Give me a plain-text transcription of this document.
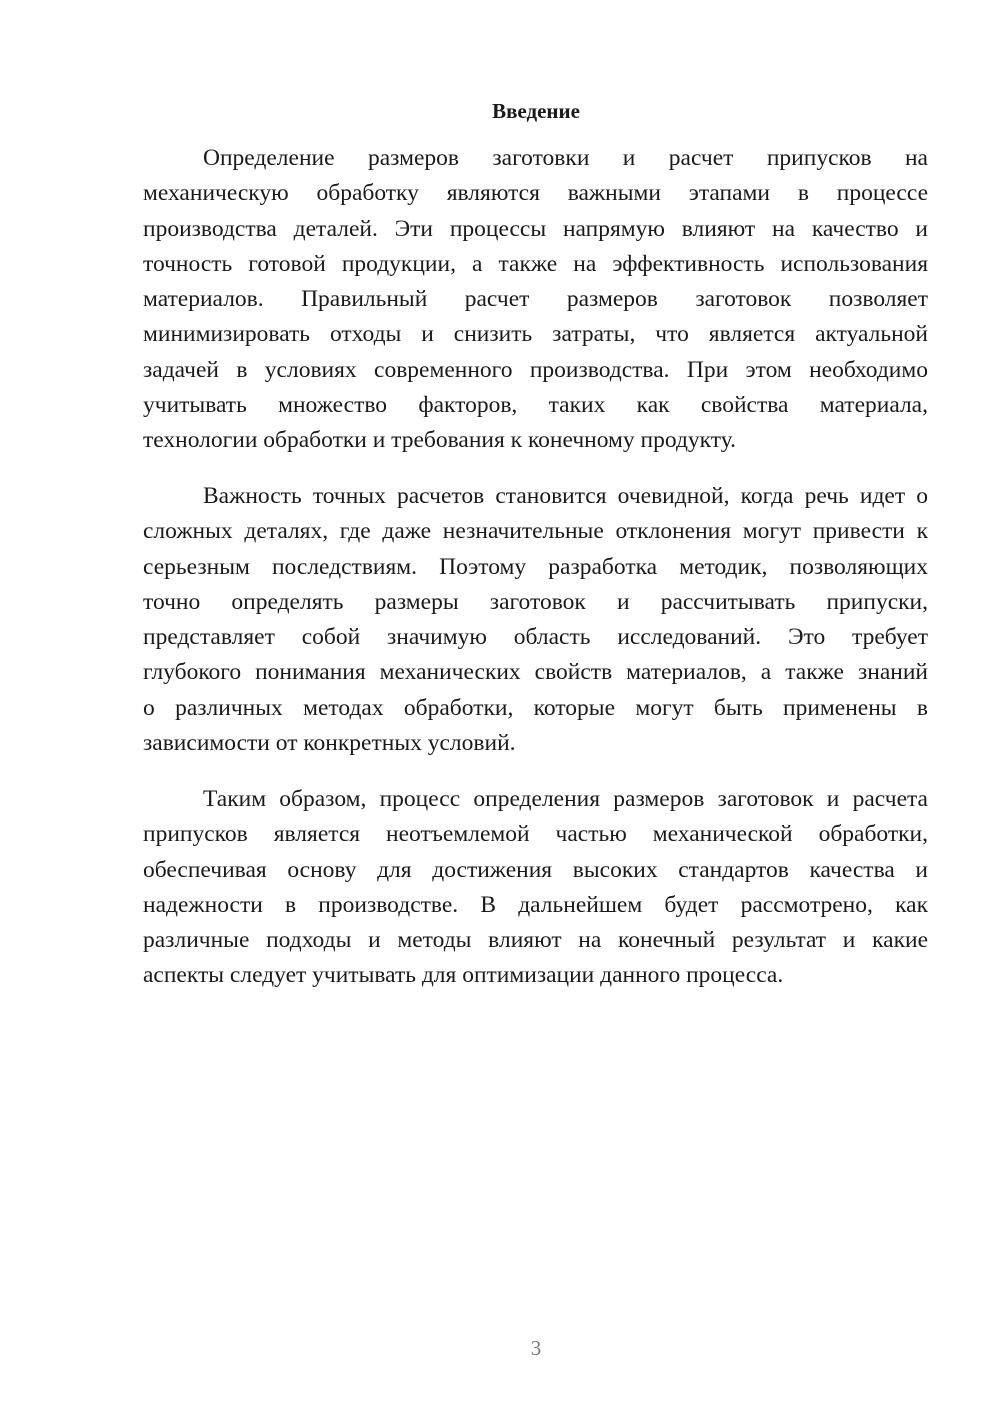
Введение
Определение размеров заготовки и расчет припусков на
механическую обработку являются важными этапами в процессе
производства деталей. Эти процессы напрямую влияют на качество и
точность готовой продукции, а также на эффективность использования
материалов. Правильный расчет размеров заготовок позволяет
минимизировать отходы и снизить затраты, что является актуальной
задачей в условиях современного производства. При этом необходимо
учитывать множество факторов, таких как свойства материала,
технологии обработки и требования к конечному продукту.
Важность точных расчетов становится очевидной, когда речь идет о
сложных деталях, где даже незначительные отклонения могут привести к
серьезным последствиям. Поэтому разработка методик, позволяющих
точно определять размеры заготовок и рассчитывать припуски,
представляет собой значимую область исследований. Это требует
глубокого понимания механических свойств материалов, а также знаний
о различных методах обработки, которые могут быть применены в
зависимости от конкретных условий.
Таким образом, процесс определения размеров заготовок и расчета
припусков является неотъемлемой частью механической обработки,
обеспечивая основу для достижения высоких стандартов качества и
надежности в производстве. В дальнейшем будет рассмотрено, как
различные подходы и методы влияют на конечный результат и какие
аспекты следует учитывать для оптимизации данного процесса.
3
